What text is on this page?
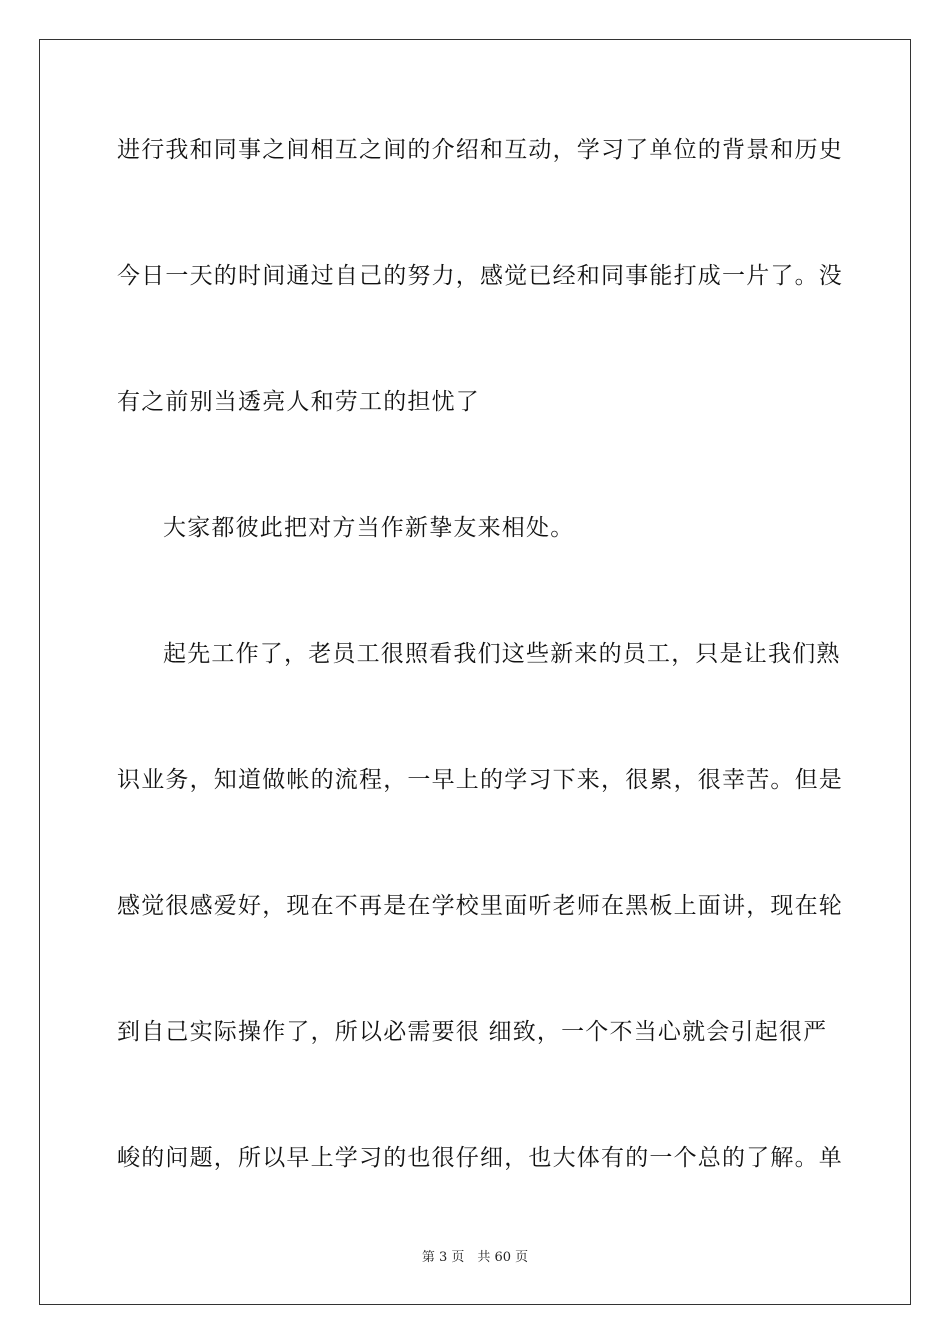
进行我和同事之间相互之间的介绍和互动，学习了单位的背景和历史
今日一天的时间通过自己的努力，感觉已经和同事能打成一片了。没
有之前别当透亮人和劳工的担忧了
大家都彼此把对方当作新挚友来相处。
起先工作了，老员工很照看我们这些新来的员工，只是让我们熟
识业务，知道做帐的流程，一早上的学习下来，很累，很幸苦。但是
感觉很感爱好，现在不再是在学校里面听老师在黑板上面讲，现在轮
到自己实际操作了，所以必需要很 细致，一个不当心就会引起很严
峻的问题，所以早上学习的也很仔细，也大体有的一个总的了解。单
第 3 页　共 60 页
